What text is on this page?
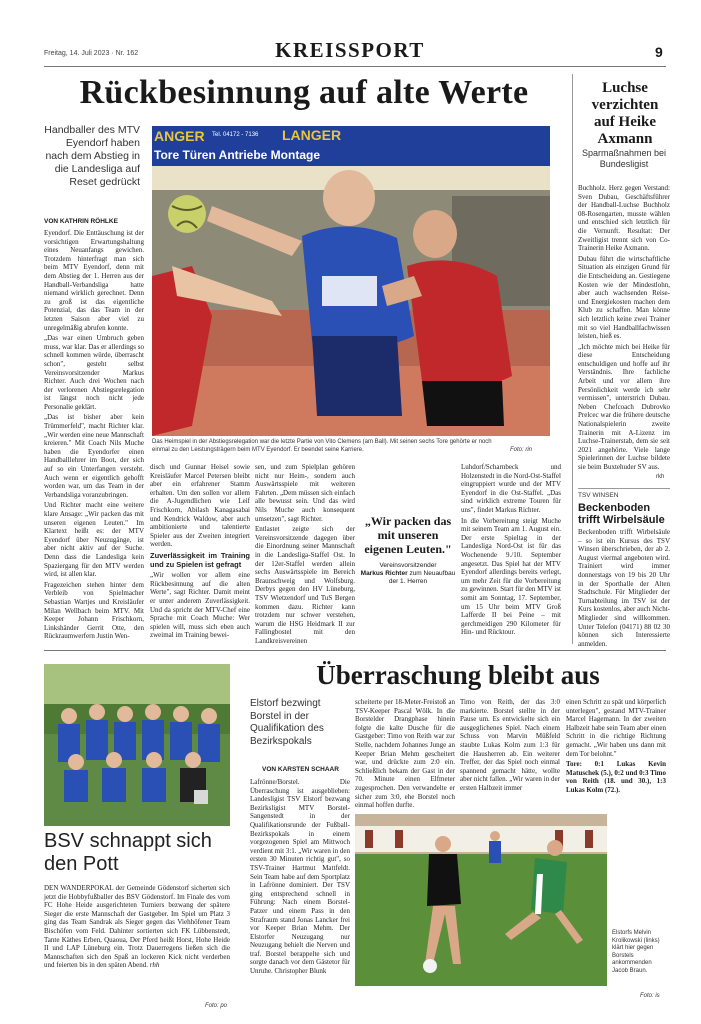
Freitag, 14. Juli 2023 · Nr. 162	KREISSPORT	9
Rückbesinnung auf alte Werte
Handballer des MTV Eyendorf haben nach dem Abstieg in die Landesliga auf Reset gedrückt
ANGER Tel. 04172 - 7136 LANGER
Tore Türen Antriebe Montage
Das Heimspiel in der Abstiegsrelegation war die letzte Partie von Vito Clemens (am Ball). Mit seinen sechs Tore gehörte er noch einmal zu den Leistungsträgern beim MTV Eyendorf. Er beendet seine Karriere.	Foto: rin
VON KATHRIN RÖHLKE

Eyendorf. Die Enttäuschung ist der vorsichtigen Erwartungshaltung eines Neuanfangs gewichen. Trotzdem hinterfragt man sich beim MTV Eyendorf, denn mit dem Abstieg der 1. Herren aus der Handball-Verbandsliga hatte niemand wirklich gerechnet. Denn zu groß ist das eigentliche Potenzial, das das Team in der letzten Saison aber viel zu unregelmäßig abrufen konnte.

„Das war einen Umbruch geben muss, war klar. Das er allerdings so schnell kommen würde, überrascht schon", gesteht selbst Vereinsvorsitzender Markus Richter. Auch drei Wochen nach der verlorenen Abstiegsrelegation ist längst noch nicht jede Personalie geklärt.

„Das ist bisher aber kein Trümmerfeld", macht Richter klar. „Wir werden eine neue Mannschaft kreieren." Mit Coach Nils Muche haben die Eyendorfer einen Handballlehrer im Boot, der sich auf so ein Unterfangen versteht. Auch wenn er eigentlich gehofft worden war, um das Team in der Verbandsliga voranzubringen.

Und Richter macht eine weitere klare Ansage: „Wir packen das mit unseren eigenen Leuten." Im Klartext heißt es: der MTV Eyendorf über Neuzugänge, ist aber nicht aktiv auf der Suche. Denn dass die Landesliga kein Spaziergang für den MTV werden wird, ist allen klar.

Fragezeichen stehen hinter dem Verbleib von Spielmacher Sebastian Wartjes und Kreisläufer Milan Wellbach beim MTV. Mit Keeper Johann Frischkorn, Linkshänder Gerrit Otte, den Rückraumwerfern Justin Wen-

disch und Gunnar Heisel sowie Kreisläufer Marcel Petersen bleibt aber ein erfahrener Stamm erhalten. Um den sollen vor allem die A-Jugendlichen wie Leif Frischkorn, Abilash Kanagasabai und Kendrick Waldow, aber auch ambitionierte und talentierte Spieler aus der Zweiten integriert werden.

Zuverlässigkeit im Training und zu Spielen ist gefragt

„Wir wollen vor allem eine Rückbesinnung auf die alten Werte", sagt Richter. Damit meint er unter anderem Zuverlässigkeit. Und da spricht der MTV-Chef eine Sprache mit Coach Muche: Wer spielen will, muss sich eben auch zweimal im Training bewei-

sen, und zum Spielplan gehören nicht nur Heim-, sondern auch Auswärtsspiele mit weiteren Fahrten. „Dem müssen sich einfach alle bewusst sein. Und das wird Nils Muche auch konsequent umsetzen", sagt Richter.

Entlastet zeigte sich der Vereinsvorsitzende dagegen über die Einordnung seiner Mannschaft in die Landesliga-Staffel Ost. In der 12er-Staffel werden allein sechs Auswärtsspiele im Bereich Braunschweig und Wolfsburg. Derbys gegen den HV Lüneburg, TSV Wietzendorf und TuS Bergen kommen dazu. Richter kann trotzdem nur schwer verstehen, warum die HSG Heidmark II zur Fallingbostel mit den Landkreisvereinen

„Wir packen das mit unseren eigenen Leuten."
Vereinsvorsitzender
Markus Richter zum Neuaufbau der 1. Herren

Luhdorf/Scharnbeck und Holzenstedt in die Nord-Ost-Staffel eingruppiert wurde und der MTV Eyendorf in die Ost-Staffel. „Das sind wirklich extreme Touren für uns", findet Markus Richter.

In die Vorbereitung steigt Muche mit seinem Team am 1. August ein. Der erste Spieltag in der Landesliga Nord-Ost ist für das Wochenende 9./10. September angesetzt. Das Spiel hat der MTV Eyendorf allerdings bereits verlegt, um mehr Zeit für die Vorbereitung zu gewinnen. Start für den MTV ist somit am Sonntag, 17. September, um 15 Uhr beim MTV Groß Lafferde II bei Peine – mit gerchmeidigen 290 Kilometer für Hin- und Rücktour.

Luchse verzichten auf Heike Axmann
Sparmaßnahmen bei Bundesligist

Buchholz. Herz gegen Verstand: Sven Dubau, Geschäftsführer der Handball-Luchse Buchholz 08-Rosengarten, musste wählen und entschied sich letztlich für die Vernunft. Resultat: Der Zweitligist trennt sich von Co-Trainerin Heike Axmann.

Dubau führt die wirtschaftliche Situation als einzigen Grund für die Entscheidung an. Gestiegene Kosten wie der Mindestlohn, aber auch wachsenden Reise- und Energiekosten machen dem Klub zu schaffen. Man könne sich letztlich keine zwei Trainer mit so viel Handballfachwissen leisten, hieß es.

„Ich möchte mich bei Heike für diese Entscheidung entschuldigen und hoffe auf ihr Verständnis. Ihre fachliche Arbeit und vor allem ihre Persönlichkeit werde ich sehr vermissen", unterstrich Dubau. Neben Chefcoach Dubrovko Prelcec war die frühere deutsche Nationalspielerin zweite Trainerin mit A-Lizenz im Luchse-Trainerstab, dem sie seit 2021 angehörte. Viele lange Spielerinnen der Luchse bildete sie beim Buxtehuder SV aus.

rkh
TSV WINSEN
Beckenboden trifft Wirbelsäule

Beckenboden trifft Wirbelsäule – so ist ein Kursus des TSV Winsen überschrieben, der ab 2. August viermal angeboten wird. Trainiert wird immer donnerstags von 19 bis 20 Uhr in der Sporthalle der Alten Stadtschule. Für Mitglieder der Turnabteilung im TSV ist der Kurs kostenlos, aber auch Nicht-Mitglieder sind willkommen. Unter Telefon (04171) 88 02 30 können sich Interessierte anmelden.

Foto: po
BSV schnappt sich den Pott

DEN WANDERPOKAL der Gemeinde Gödenstorf sicherten sich jetzt die Hobbyfußballer des BSV Gödenstorf. Im Finale des vom FC Hohe Heide ausgerichteten Turniers bezwang der spätere Sieger die erste Mannschaft der Gastgeber. Im Spiel um Platz 3 ging das Team Sandrak als Sieger gegen das Viehhöfener Team Bischöfen vom Feld. Dahinter sortierten sich FK Lübbenstedt, Tante Käthes Erben, Quaoua, Der Pferd heißt Horst, Hohe Heide II und LAP Lüneburg ein. Trotz Dauerregens ließen sich die Mannschaften sich den Spaß an lockeren Kick nicht verderben und feierten bis in den späten Abend. rhh

Überraschung bleibt aus
Elstorf bezwingt Borstel in der Qualifikation des Bezirkspokals
VON KARSTEN SCHAAR

Lafrönne/Borstel. Die Überraschung ist ausgeblieben: Landesligist TSV Elstorf bezwang Bezirksligist MTV Borstel-Sangenstedt in der Qualifikationsrunde der Fußball-Bezirkspokals in einem vorgezogenen Spiel am Mittwoch verdient mit 3:1. „Wir waren in den ersten 30 Minuten richtig gut", so TSV-Trainer Hartmut Mattfeldt. Sein Team habe auf dem Sportplatz in Lafrönne dominiert. Der TSV ging entsprechend schnell in Führung: Nach einem Borstel-Patzer und einem Pass in den Strafraum stand Jonas Lancker frei vor Keeper Brian Mehm. Der Elstorfer Neuzugang nur Neuzugang behielt die Nerven und traf. Borstel berappelte sich und sorgte danach vor dem Gästetor für Unruhe. Christopher Blunk

scheiterte per 18-Meter-Freistoß an TSV-Keeper Pascal Wölk. In die Borstelder Drangphase hinein folgte die kalte Dusche für die Gastgeber: Timo von Reith war zur Stelle, nachdem Johannes Junge an Keeper Brian Mehm gescheitert war, und drückte zum 2:0 ein. Schließlich bekam der Gast in der 70. Minute einen Elfmeter zugesprochen. Den verwandelte er sicher zum 3:0, ehe Borstel noch einmal hoffen durfte.

Timo von Reith, der das 3:0 markierte. Borstel stellte in der Pause um. Es entwickelte sich ein ausgeglichenes Spiel. Nach einem Schuss von Marvin Müßfeld staubte Lukas Kolm zum 1:3 für die Hausherren ab. Ein weiterer Treffer, der das Spiel noch einmal spannend gemacht hätte, wollte aber nicht fallen. „Wir waren in der ersten Halbzeit immer

einen Schritt zu spät und körperlich unterlegen", gestand MTV-Trainer Marcel Hagemann. In der zweiten Halbzeit habe sein Team aber einen Schritt in die richtige Richtung gemacht. „Wir haben uns dann mit dem Tor belohnt."

Tore: 0:1 Lukas Kevin Matuschek (5.), 0:2 und 0:3 Timo von Reith (18. und 30.), 1:3 Lukas Kolm (72.).

Elstorfs Melvin Krolikowski (links) klärt hier gegen Borstels ankommenden Jacob Braun.
Foto: is
